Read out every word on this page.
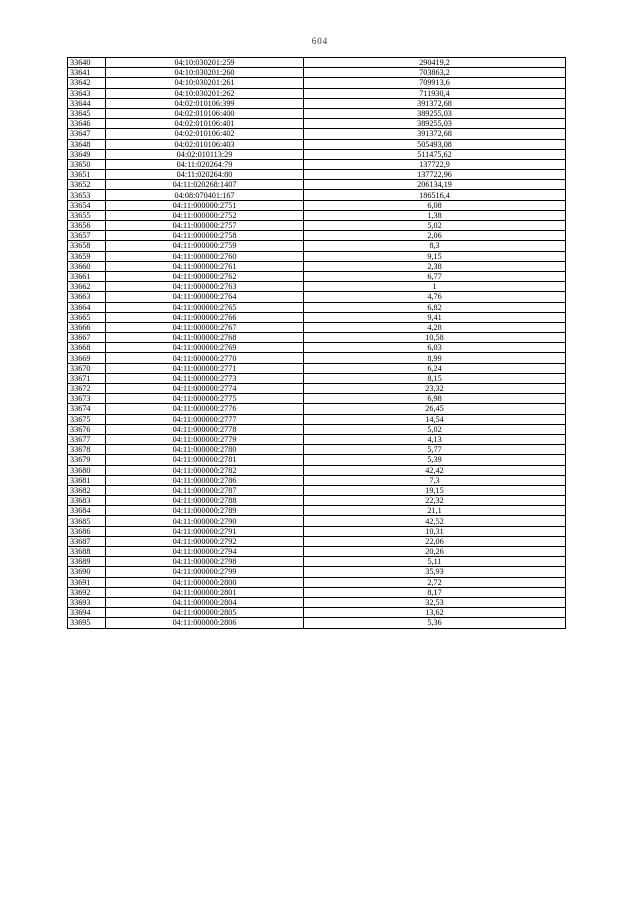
604
33640	04:10:030201:259	290419,2
33641	04:10:030201:260	703863,2
33642	04:10:030201:261	709913,6
33643	04:10:030201:262	711930,4
33644	04:02:010106:399	391372,68
33645	04:02:010106:400	389255,03
33646	04:02:010106:401	389255,03
33647	04:02:010106:402	391372,68
33648	04:02:010106:403	505493,08
33649	04:02:010113:29	511475,62
33650	04:11:020264:79	137722,9
33651	04:11:020264:80	137722,96
33652	04:11:020268:1407	206134,19
33653	04:08:070401:167	186516,4
33654	04:11:000000:2751	6,08
33655	04:11:000000:2752	1,38
33656	04:11:000000:2757	5,02
33657	04:11:000000:2758	2,06
33658	04:11:000000:2759	8,3
33659	04:11:000000:2760	9,15
33660	04:11:000000:2761	2,38
33661	04:11:000000:2762	6,77
33662	04:11:000000:2763	1
33663	04:11:000000:2764	4,76
33664	04:11:000000:2765	6,82
33665	04:11:000000:2766	9,41
33666	04:11:000000:2767	4,28
33667	04:11:000000:2768	10,58
33668	04:11:000000:2769	6,03
33669	04:11:000000:2770	8,99
33670	04:11:000000:2771	6,24
33671	04:11:000000:2773	8,15
33672	04:11:000000:2774	23,32
33673	04:11:000000:2775	6,98
33674	04:11:000000:2776	26,45
33675	04:11:000000:2777	14,54
33676	04:11:000000:2778	5,02
33677	04:11:000000:2779	4,13
33678	04:11:000000:2780	5,77
33679	04:11:000000:2781	5,39
33680	04:11:000000:2782	42,42
33681	04:11:000000:2786	7,3
33682	04:11:000000:2787	19,15
33683	04:11:000000:2788	22,32
33684	04:11:000000:2789	21,1
33685	04:11:000000:2790	42,52
33686	04:11:000000:2791	10,31
33687	04:11:000000:2792	22,06
33688	04:11:000000:2794	20,26
33689	04:11:000000:2798	5,11
33690	04:11:000000:2799	35,93
33691	04:11:000000:2800	2,72
33692	04:11:000000:2801	8,17
33693	04:11:000000:2804	32,53
33694	04:11:000000:2805	13,62
33695	04:11:000000:2806	5,36
